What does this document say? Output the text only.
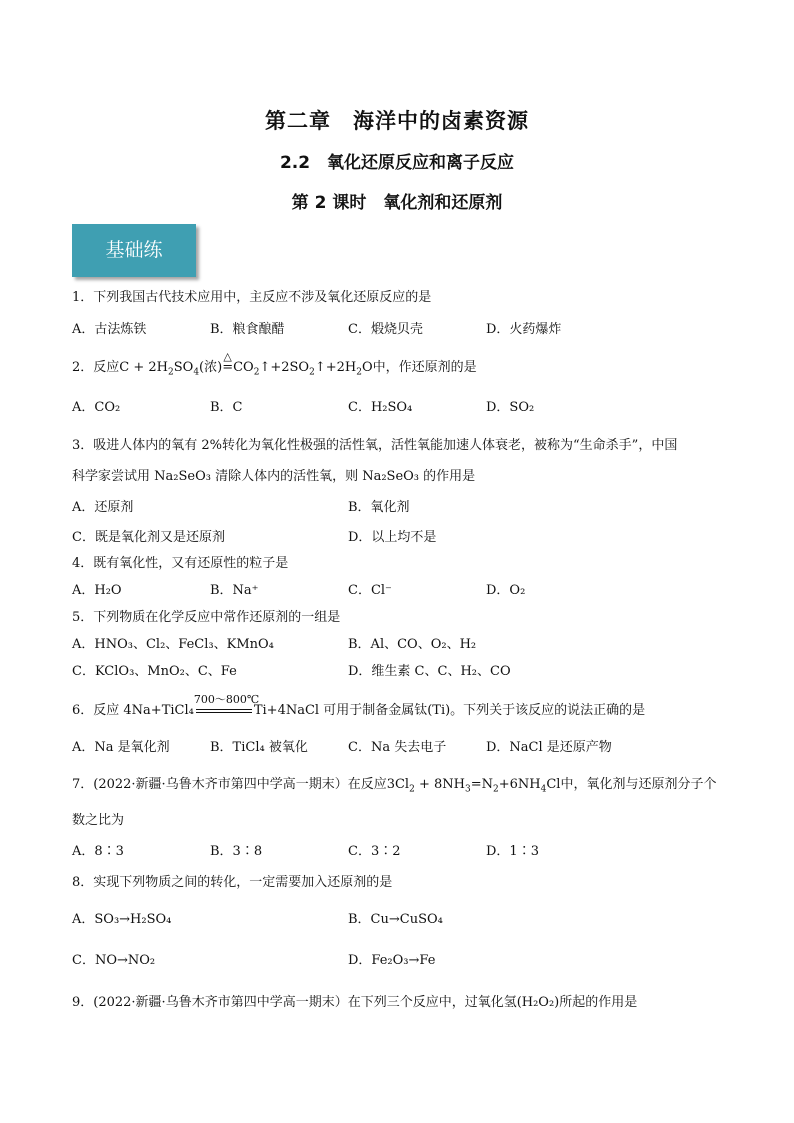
第二章　海洋中的卤素资源
2.2　氧化还原反应和离子反应
第 2 课时　氧化剂和还原剂
基础练
1．下列我国古代技术应用中，主反应不涉及氧化还原反应的是
A．古法炼铁	B．粮食酿醋	C．煅烧贝壳	D．火药爆炸
2．反应$C + 2H_2SO_4$(浓)
△
$=CO_2↑+2SO_2↑+2H_2O$中，作还原剂的是
A．CO₂	B．C	C．H₂SO₄	D．SO₂
3．吸进人体内的氧有 2%转化为氧化性极强的活性氧，活性氧能加速人体衰老，被称为“生命杀手”，中国
科学家尝试用 Na₂SeO₃ 清除人体内的活性氧，则 Na₂SeO₃ 的作用是
A．还原剂	B．氧化剂
C．既是氧化剂又是还原剂	D．以上均不是
4．既有氧化性，又有还原性的粒子是
A．H₂O	B．Na⁺	C．Cl⁻	D．O₂
5．下列物质在化学反应中常作还原剂的一组是
A．HNO₃、Cl₂、FeCl₃、KMnO₄	B．Al、CO、O₂、H₂
C．KClO₃、MnO₂、C、Fe	D．维生素 C、C、H₂、CO
6．反应 4Na+TiCl₄
700～800℃
Ti+4NaCl 可用于制备金属钛(Ti)。下列关于该反应的说法正确的是
A．Na 是氧化剂	B．TiCl₄ 被氧化	C．Na 失去电子	D．NaCl 是还原产物
7．(2022·新疆·乌鲁木齐市第四中学高一期末）在反应$3Cl_2 + 8NH_3=N_2+6NH_4Cl$中，氧化剂与还原剂分子个
数之比为
A．8∶3	B．3∶8	C．3∶2	D．1∶3
8．实现下列物质之间的转化，一定需要加入还原剂的是
A．SO₃→H₂SO₄	B．Cu→CuSO₄
C．NO→NO₂	D．Fe₂O₃→Fe
9．(2022·新疆·乌鲁木齐市第四中学高一期末）在下列三个反应中，过氧化氢(H₂O₂)所起的作用是
